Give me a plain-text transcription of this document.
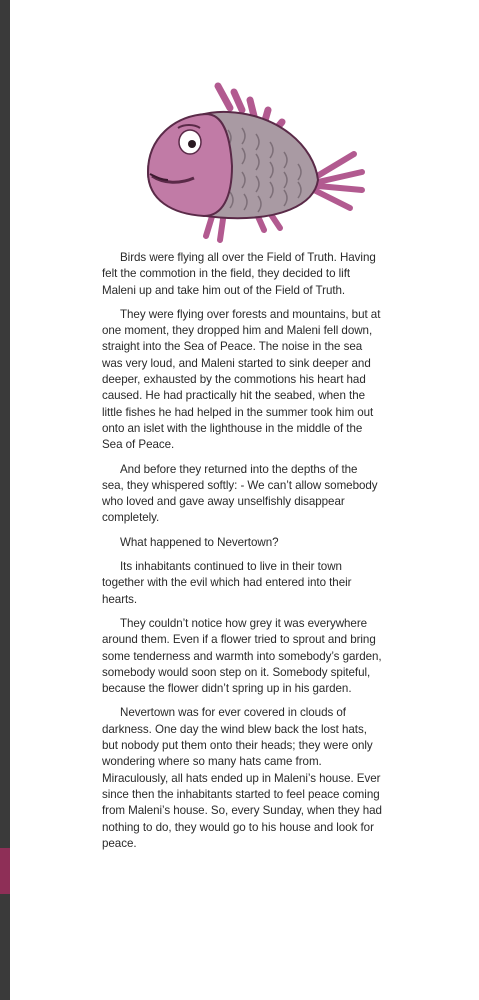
Birds were flying all over the Field of Truth. Having felt the commotion in the field, they decided to lift Maleni up and take him out of the Field of Truth.

They were flying over forests and mountains, but at one moment, they dropped him and Maleni fell down, straight into the Sea of Peace. The noise in the sea was very loud, and Maleni started to sink deeper and deeper, exhausted by the commotions his heart had caused. He had practically hit the seabed, when the little fishes he had helped in the summer took him out onto an islet with the lighthouse in the middle of the Sea of Peace.

And before they returned into the depths of the sea, they whispered softly: - We can’t allow somebody who loved and gave away unselfishly disappear completely.

What happened to Nevertown?

Its inhabitants continued to live in their town together with the evil which had entered into their hearts.

They couldn’t notice how grey it was everywhere around them. Even if a flower tried to sprout and bring some tenderness and warmth into somebody’s garden, somebody would soon step on it. Somebody spiteful, because the flower didn’t spring up in his garden.

Nevertown was for ever covered in clouds of darkness. One day the wind blew back the lost hats, but nobody put them onto their heads; they were only wondering where so many hats came from. Miraculously, all hats ended up in Maleni’s house. Ever since then the inhabitants started to feel peace coming from Maleni’s house. So, every Sunday, when they had nothing to do, they would go to his house and look for peace.
